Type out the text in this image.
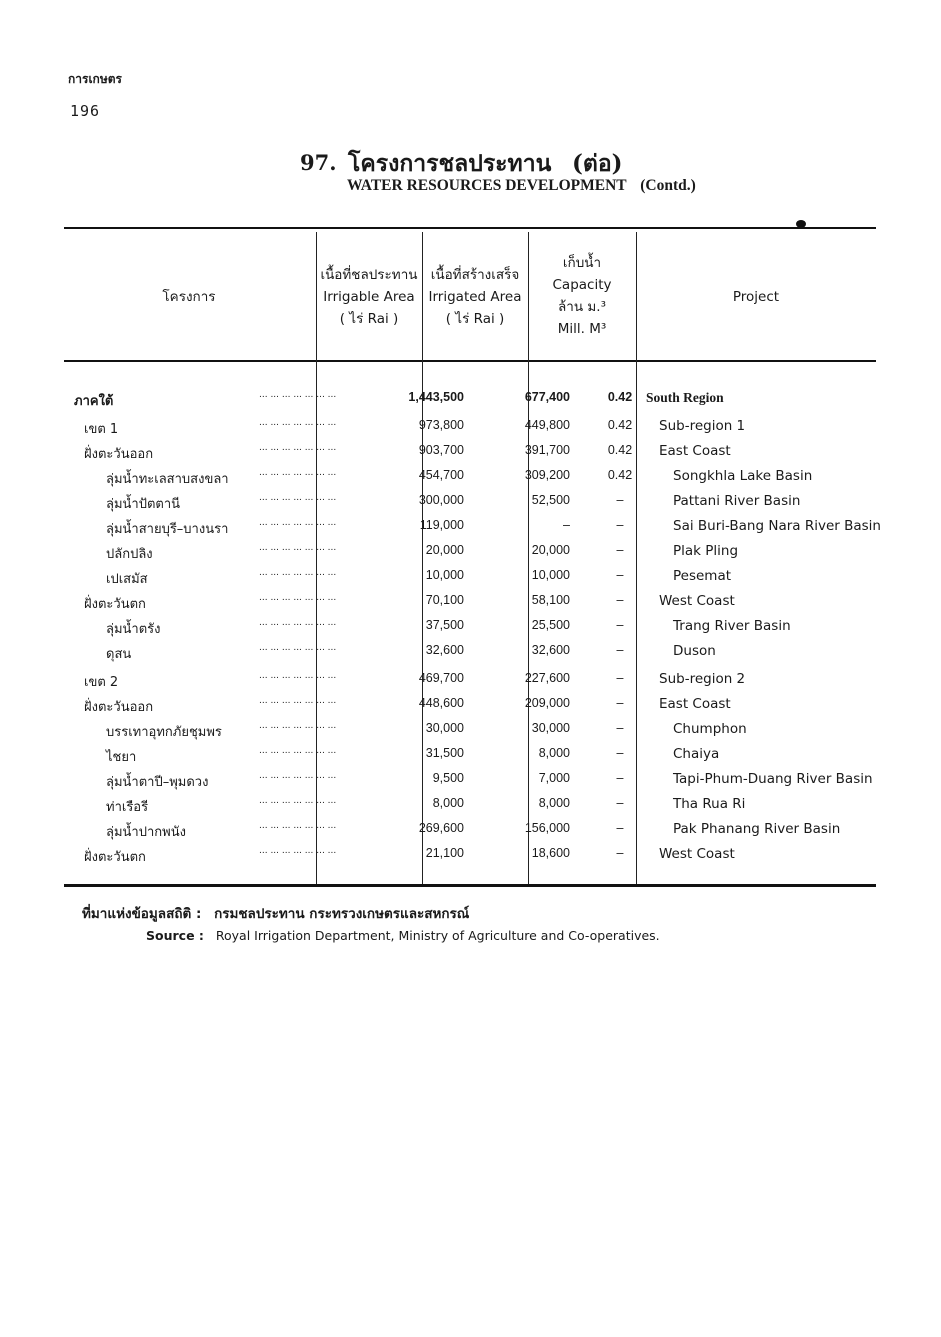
การเกษตร
196
97. โครงการชลประทาน (ต่อ)
WATER RESOURCES DEVELOPMENT (Contd.)
โครงการ
เนื้อที่ชลประทาน
Irrigable Area
( ไร่ Rai )
เนื้อที่สร้างเสร็จ
Irrigated Area
( ไร่ Rai )
เก็บน้ำ
Capacity
ล้าน ม.³
Mill. M³
Project
ภาคใต้	... ... ... ... ... ... ...	1,443,500	677,400	0.42	South Region
เขต 1	... ... ... ... ... ... ...	973,800	449,800	0.42	Sub-region 1
ฝั่งตะวันออก	... ... ... ... ... ... ...	903,700	391,700	0.42	East Coast
ลุ่มน้ำทะเลสาบสงขลา	... ... ... ... ... ... ...	454,700	309,200	0.42	Songkhla Lake Basin
ลุ่มน้ำปัตตานี	... ... ... ... ... ... ...	300,000	52,500	–	Pattani River Basin
ลุ่มน้ำสายบุรี–บางนรา	... ... ... ... ... ... ...	119,000	–	–	Sai Buri-Bang Nara River Basin
ปลักปลิง	... ... ... ... ... ... ...	20,000	20,000	–	Plak Pling
เปเสมัส	... ... ... ... ... ... ...	10,000	10,000	–	Pesemat
ฝั่งตะวันตก	... ... ... ... ... ... ...	70,100	58,100	–	West Coast
ลุ่มน้ำตรัง	... ... ... ... ... ... ...	37,500	25,500	–	Trang River Basin
ดุสน	... ... ... ... ... ... ...	32,600	32,600	–	Duson
เขต 2	... ... ... ... ... ... ...	469,700	227,600	–	Sub-region 2
ฝั่งตะวันออก	... ... ... ... ... ... ...	448,600	209,000	–	East Coast
บรรเทาอุทกภัยชุมพร	... ... ... ... ... ... ...	30,000	30,000	–	Chumphon
ไชยา	... ... ... ... ... ... ...	31,500	8,000	–	Chaiya
ลุ่มน้ำตาปี–พุมดวง	... ... ... ... ... ... ...	9,500	7,000	–	Tapi-Phum-Duang River Basin
ท่าเรือรี	... ... ... ... ... ... ...	8,000	8,000	–	Tha Rua Ri
ลุ่มน้ำปากพนัง	... ... ... ... ... ... ...	269,600	156,000	–	Pak Phanang River Basin
ฝั่งตะวันตก	... ... ... ... ... ... ...	21,100	18,600	–	West Coast
ที่มาแห่งข้อมูลสถิติ : กรมชลประทาน กระทรวงเกษตรและสหกรณ์
Source : Royal Irrigation Department, Ministry of Agriculture and Co-operatives.
